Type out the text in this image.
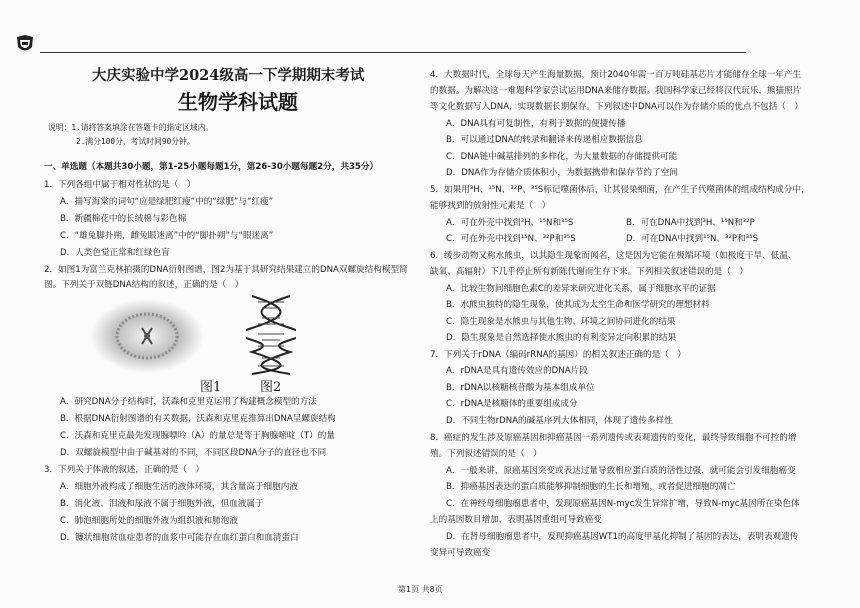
大庆实验中学2024级高一下学期期末考试
生物学科试题
说明：1.请将答案填涂在答题卡的指定区域内。
2.满分100分，考试时间90分钟。
一、单选题（本题共30小题，第1-25小题每题1分，第26-30小题每题2分，共35分）
1．下列各组中属于相对性状的是（　）
A．描写海棠的词句“应是绿肥红瘦”中的“绿肥”与“红瘦”
B．新疆棉花中的长绒棉与彩色棉
C．“雄兔脚扑朔，雌兔眼迷离”中的“脚扑朔”与“眼迷离”
D．人类色觉正常和红绿色盲
2．如图1为富兰克林拍摄的DNA衍射图谱，图2为基于其研究结果建立的DNA双螺旋结构模型简
图。下列关于双链DNA结构的叙述，正确的是（　）
图1	图2
A．研究DNA分子结构时，沃森和克里克运用了构建概念模型的方法
B．根据DNA衍射图谱的有关数据，沃森和克里克推算出DNA呈螺旋结构
C．沃森和克里克最先发现腺嘌呤（A）的量总是等于胸腺嘧啶（T）的量
D．双螺旋模型中由于碱基对的不同，不同区段DNA分子的直径也不同
3．下列关于体液的叙述，正确的是（　）
A．细胞外液构成了细胞生活的液体环境，其含量高于细胞内液
B．消化液、泪液和尿液不属于细胞外液，但血液属于
C．肺泡细胞所处的细胞外液为组织液和肺泡液
D．镰状细胞贫血症患者的血浆中可能存在血红蛋白和血清蛋白
4．大数据时代，全球每天产生海量数据，预计2040年需一百万吨硅基芯片才能储存全球一年产生
的数据。为解决这一难题科学家尝试运用DNA来储存数据。我国科学家已经将汉代玩乐、熊猫照片
等文化数据写入DNA，实现数据长期保存。下列叙述中DNA可以作为存储介质的优点不包括（　）
A．DNA具有可复制性，有利于数据的便捷传播
B．可以通过DNA的转录和翻译来传递相应数据信息
C．DNA链中碱基排列的多样化，为大量数据的存储提供可能
D．DNA作为存储介质体积小，为数据携带和保存节约了空间
5．如果用³H、¹⁵N、³²P、³⁵S标记噬菌体后，让其侵染细菌，在产生子代噬菌体的组成结构成分中，
能够找到的放射性元素是（　）
A．可在外壳中找到³H、¹⁵N和³⁵S	B．可在DNA中找到³H、¹⁵N和³²P
C．可在外壳中找到¹⁵N、³²P和³⁵S	D．可在DNA中找到¹⁵N、³²P和³⁵S
6．缓步动物又称水熊虫，以其隐生现象而闻名，这是因为它能在极端环境（如极度干旱、低温、
缺氧、高辐射）下几乎停止所有新陈代谢而生存下来。下列相关叙述错误的是（　）
A．比较生物间细胞色素C的差异来研究进化关系，属于细胞水平的证据
B．水熊虫独特的隐生现象，使其成为太空生命和医学研究的理想材料
C．隐生现象是水熊虫与其他生物、环境之间协同进化的结果
D．隐生现象是自然选择使水熊虫的有利变异定向积累的结果
7．下列关于rDNA（编码rRNA的基因）的相关叙述正确的是（　）
A．rDNA是具有遗传效应的DNA片段
B．rDNA以核糖核苷酸为基本组成单位
C．rDNA是核糖体的重要组成成分
D．不同生物rDNA的碱基序列大体相同，体现了遗传多样性
8．癌症的发生涉及原癌基因和抑癌基因一系列遗传或表观遗传的变化，最终导致细胞不可控的增
殖。下列叙述错误的是（　）
A．一般来讲，原癌基因突变或表达过量导致相应蛋白质的活性过强，就可能会引发细胞癌变
B．抑癌基因表达的蛋白质能够抑制细胞的生长和增殖，或者促进细胞的凋亡
C．在神经母细胞瘤患者中，发现原癌基因N-myc发生异常扩增，导致N-myc基因所在染色体
上的基因数目增加，表明基因重组可导致癌变
D．在肾母细胞瘤患者中，发现抑癌基因WT1的高度甲基化抑制了基因的表达，表明表观遗传
变异可导致癌变
第1页 共8页
